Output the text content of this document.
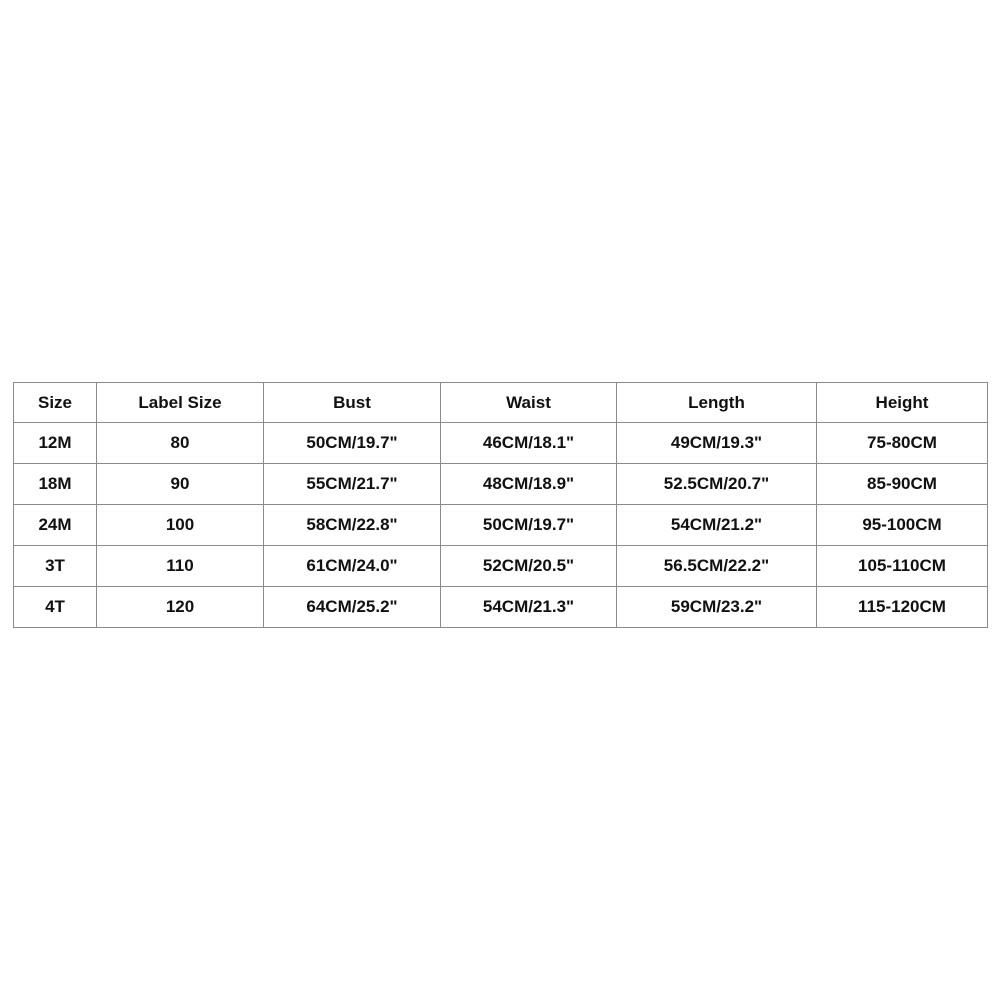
Size	Label Size	Bust	Waist	Length	Height
12M	80	50CM/19.7"	46CM/18.1"	49CM/19.3"	75-80CM
18M	90	55CM/21.7"	48CM/18.9"	52.5CM/20.7"	85-90CM
24M	100	58CM/22.8"	50CM/19.7"	54CM/21.2"	95-100CM
3T	110	61CM/24.0"	52CM/20.5"	56.5CM/22.2"	105-110CM
4T	120	64CM/25.2"	54CM/21.3"	59CM/23.2"	115-120CM
